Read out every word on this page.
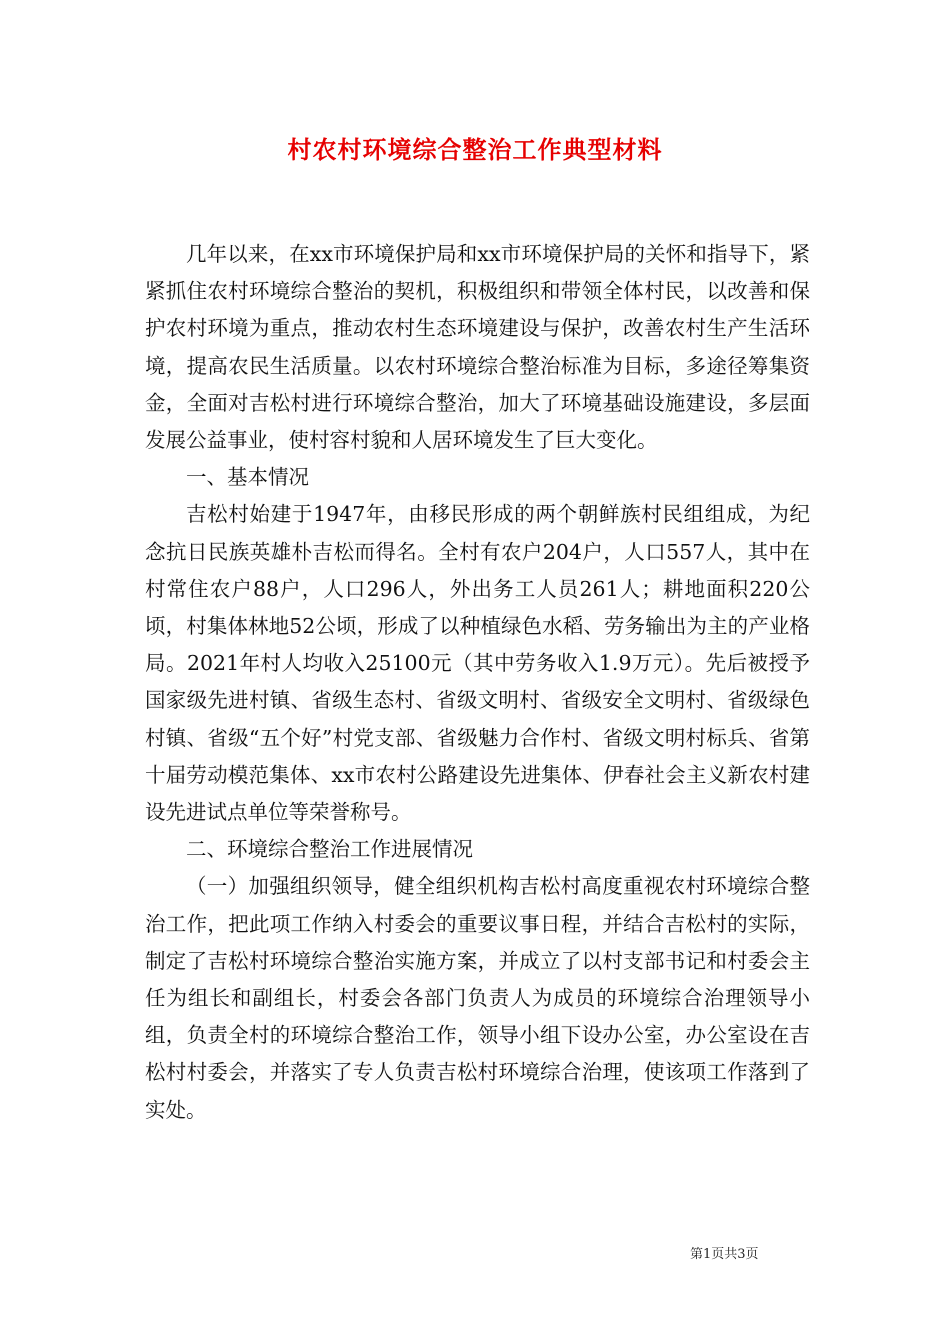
村农村环境综合整治工作典型材料

几年以来，在xx市环境保护局和xx市环境保护局的关怀和指导下，紧紧抓住农村环境综合整治的契机，积极组织和带领全体村民，以改善和保护农村环境为重点，推动农村生态环境建设与保护，改善农村生产生活环境，提高农民生活质量。以农村环境综合整治标准为目标，多途径筹集资金，全面对吉松村进行环境综合整治，加大了环境基础设施建设，多层面发展公益事业，使村容村貌和人居环境发生了巨大变化。

一、基本情况

吉松村始建于1947年，由移民形成的两个朝鲜族村民组组成，为纪念抗日民族英雄朴吉松而得名。全村有农户204户，人口557人，其中在村常住农户88户，人口296人，外出务工人员261人；耕地面积220公顷，村集体林地52公顷，形成了以种植绿色水稻、劳务输出为主的产业格局。2021年村人均收入25100元（其中劳务收入1.9万元）。先后被授予国家级先进村镇、省级生态村、省级文明村、省级安全文明村、省级绿色村镇、省级“五个好”村党支部、省级魅力合作村、省级文明村标兵、省第十届劳动模范集体、xx市农村公路建设先进集体、伊春社会主义新农村建设先进试点单位等荣誉称号。

二、环境综合整治工作进展情况

（一）加强组织领导，健全组织机构吉松村高度重视农村环境综合整治工作，把此项工作纳入村委会的重要议事日程，并结合吉松村的实际，制定了吉松村环境综合整治实施方案，并成立了以村支部书记和村委会主任为组长和副组长，村委会各部门负责人为成员的环境综合治理领导小组，负责全村的环境综合整治工作，领导小组下设办公室，办公室设在吉松村村委会，并落实了专人负责吉松村环境综合治理，使该项工作落到了实处。

第1页共3页
